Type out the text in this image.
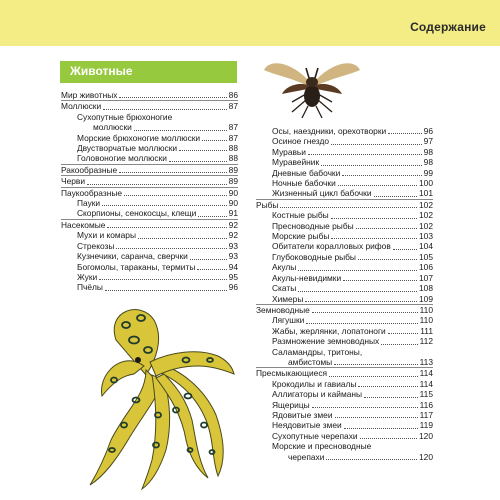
Содержание
Животные
Мир животных	86
Моллюски	87
Сухопутные брюхоногие
моллюски	87
Морские брюхоногие моллюски	87
Двустворчатые моллюски	88
Головоногие моллюски	88
Ракообразные	89
Черви	89
Паукообразные	90
Пауки	90
Скорпионы, сенокосцы, клещи	91
Насекомые	92
Мухи и комары	92
Стрекозы	93
Кузнечики, саранча, сверчки	93
Богомолы, тараканы, термиты	94
Жуки	95
Пчёлы	96
Осы, наездники, орехотворки	96
Осиное гнездо	97
Муравьи	98
Муравейник	98
Дневные бабочки	99
Ночные бабочки	100
Жизненный цикл бабочки	101
Рыбы	102
Костные рыбы	102
Пресноводные рыбы	102
Морские рыбы	103
Обитатели коралловых рифов	104
Глубоководные рыбы	105
Акулы	106
Акулы-невидимки	107
Скаты	108
Химеры	109
Земноводные	110
Лягушки	110
Жабы, жерлянки, лопатоноги	111
Размножение земноводных	112
Саламандры, тритоны,
амбистомы	113
Пресмыкающиеся	114
Крокодилы и гавиалы	114
Аллигаторы и кайманы	115
Ящерицы	116
Ядовитые змеи	117
Неядовитые змеи	119
Сухопутные черепахи	120
Морские и пресноводные
черепахи	120
